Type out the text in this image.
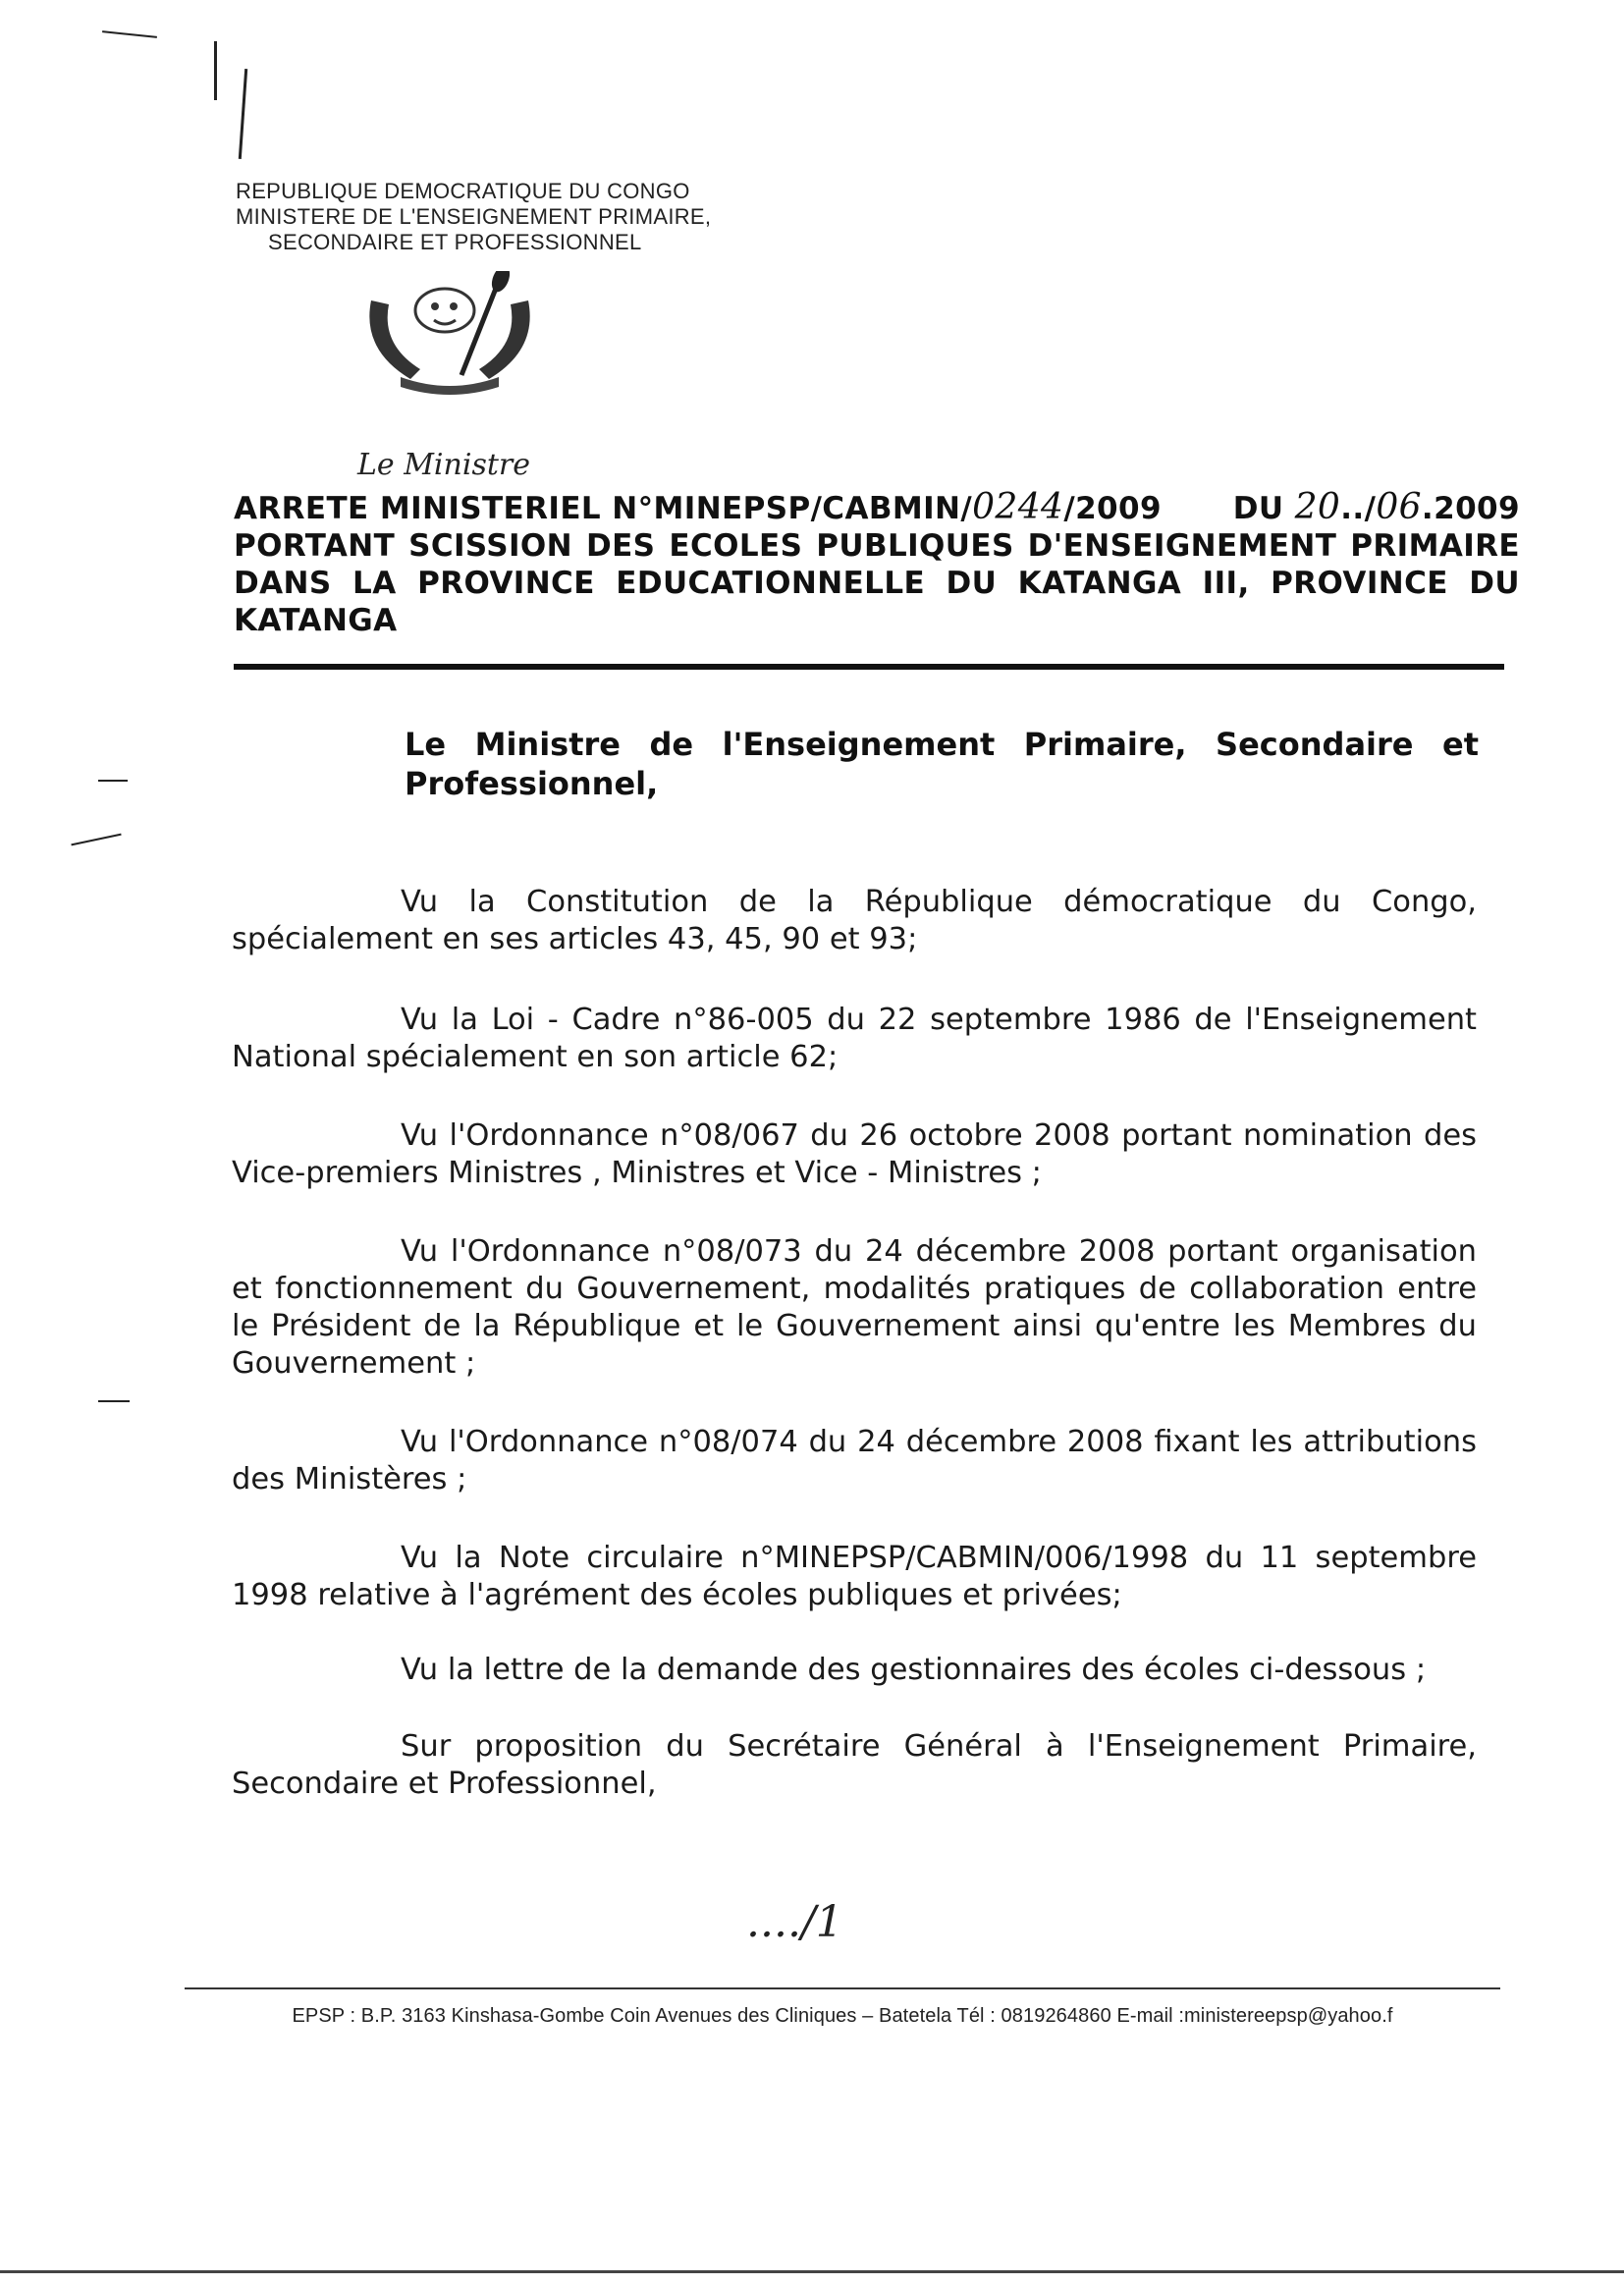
REPUBLIQUE DEMOCRATIQUE DU CONGO
MINISTERE DE L'ENSEIGNEMENT PRIMAIRE,
SECONDAIRE ET PROFESSIONNEL
Le Ministre
ARRETE MINISTERIEL N°MINEPSP/CABMIN/0244/2009 DU 20../06.2009
PORTANT SCISSION DES ECOLES PUBLIQUES D'ENSEIGNEMENT PRIMAIRE
DANS LA PROVINCE EDUCATIONNELLE DU KATANGA III, PROVINCE DU
KATANGA
Le Ministre de l'Enseignement Primaire, Secondaire et Professionnel,

Vu la Constitution de la République démocratique du Congo, spécialement en ses articles 43, 45, 90 et 93;

Vu la Loi - Cadre n°86-005 du 22 septembre 1986 de l'Enseignement National spécialement en son article 62;

Vu l'Ordonnance n°08/067 du 26 octobre 2008 portant nomination des Vice-premiers Ministres , Ministres et Vice - Ministres ;

Vu l'Ordonnance n°08/073 du 24 décembre 2008 portant organisation et fonctionnement du Gouvernement, modalités pratiques de collaboration entre le Président de la République et le Gouvernement ainsi qu'entre les Membres du Gouvernement ;

Vu l'Ordonnance n°08/074 du 24 décembre 2008 fixant les attributions des Ministères ;

Vu la Note circulaire n°MINEPSP/CABMIN/006/1998 du 11 septembre 1998 relative à l'agrément des écoles publiques et privées;

Vu la lettre de la demande des gestionnaires des écoles ci-dessous ;

Sur proposition du Secrétaire Général à l'Enseignement Primaire, Secondaire et Professionnel,

..../1
EPSP : B.P. 3163 Kinshasa-Gombe Coin Avenues des Cliniques – Batetela Tél : 0819264860 E-mail :ministereepsp@yahoo.f
